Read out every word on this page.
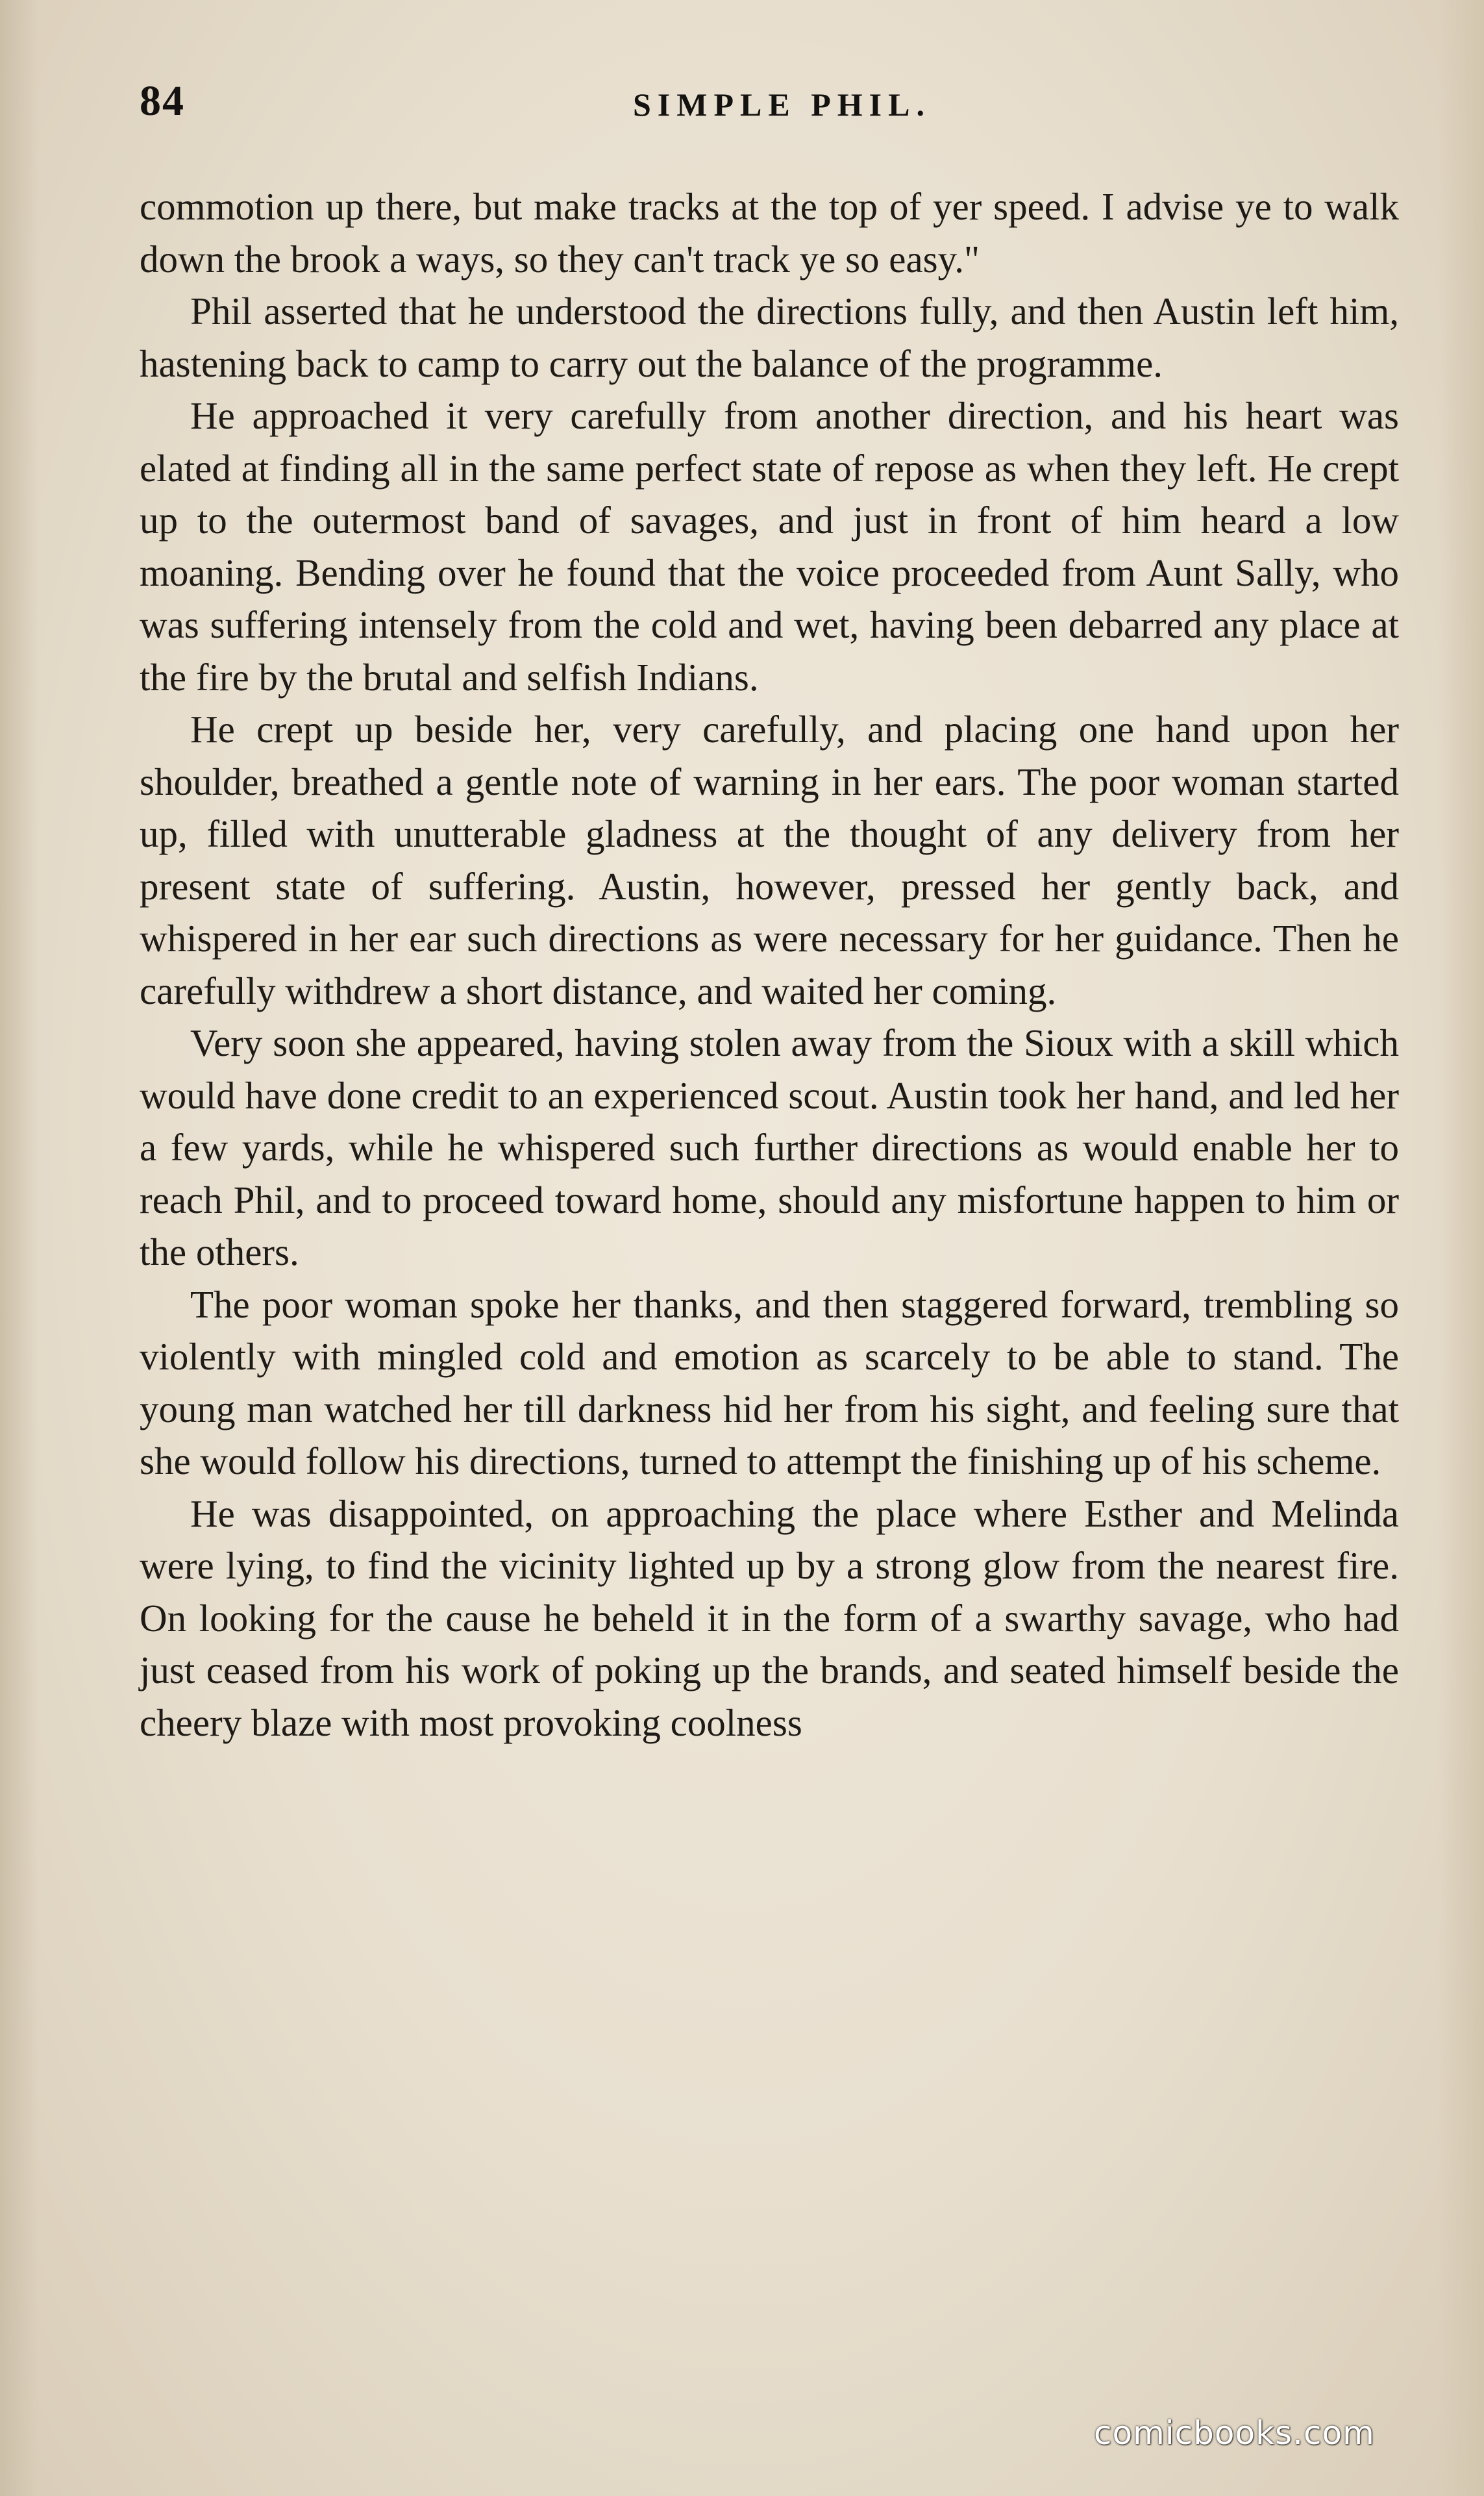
84	SIMPLE PHIL.

commotion up there, but make tracks at the top of yer speed. I advise ye to walk down the brook a ways, so they can't track ye so easy."

Phil asserted that he understood the directions fully, and then Austin left him, hastening back to camp to carry out the balance of the programme.

He approached it very carefully from another direction, and his heart was elated at finding all in the same perfect state of repose as when they left. He crept up to the outermost band of savages, and just in front of him heard a low moaning. Bending over he found that the voice proceeded from Aunt Sally, who was suffering intensely from the cold and wet, having been debarred any place at the fire by the brutal and selfish Indians.

He crept up beside her, very carefully, and placing one hand upon her shoulder, breathed a gentle note of warning in her ears. The poor woman started up, filled with unutterable gladness at the thought of any delivery from her present state of suffering. Austin, however, pressed her gently back, and whispered in her ear such directions as were necessary for her guidance. Then he carefully withdrew a short distance, and waited her coming.

Very soon she appeared, having stolen away from the Sioux with a skill which would have done credit to an experienced scout. Austin took her hand, and led her a few yards, while he whispered such further directions as would enable her to reach Phil, and to proceed toward home, should any misfortune happen to him or the others.

The poor woman spoke her thanks, and then staggered forward, trembling so violently with mingled cold and emotion as scarcely to be able to stand. The young man watched her till darkness hid her from his sight, and feeling sure that she would follow his directions, turned to attempt the finishing up of his scheme.

He was disappointed, on approaching the place where Esther and Melinda were lying, to find the vicinity lighted up by a strong glow from the nearest fire. On looking for the cause he beheld it in the form of a swarthy savage, who had just ceased from his work of poking up the brands, and seated himself beside the cheery blaze with most provoking coolness

comicbooks.com
